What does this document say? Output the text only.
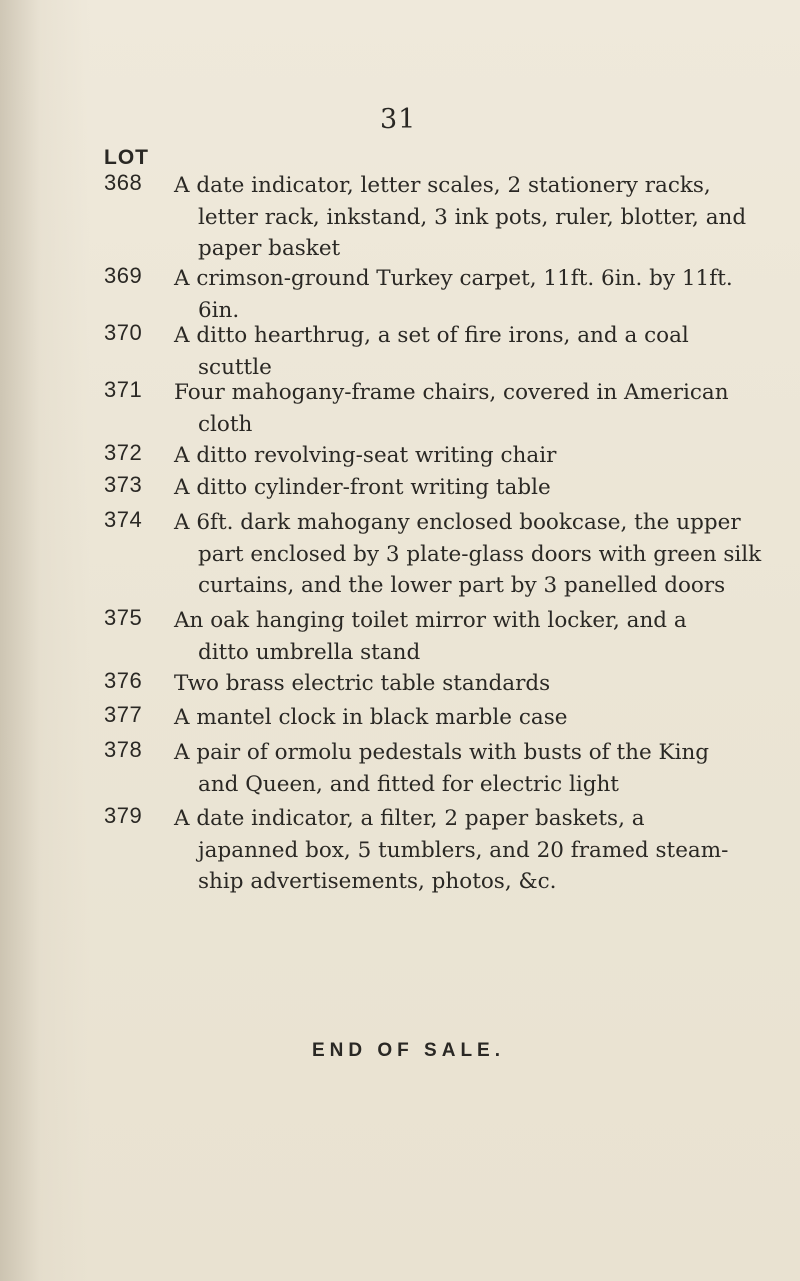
31
LOT
368 A date indicator, letter scales, 2 stationery racks,
letter rack, inkstand, 3 ink pots, ruler, blotter, and
paper basket
369 A crimson-ground Turkey carpet, 11ft. 6in. by 11ft.
6in.
370 A ditto hearthrug, a set of fire irons, and a coal
scuttle
371 Four mahogany-frame chairs, covered in American
cloth
372 A ditto revolving-seat writing chair
373 A ditto cylinder-front writing table
374 A 6ft. dark mahogany enclosed bookcase, the upper
part enclosed by 3 plate-glass doors with green silk
curtains, and the lower part by 3 panelled doors
375 An oak hanging toilet mirror with locker, and a
ditto umbrella stand
376 Two brass electric table standards
377 A mantel clock in black marble case
378 A pair of ormolu pedestals with busts of the King
and Queen, and fitted for electric light
379 A date indicator, a filter, 2 paper baskets, a
japanned box, 5 tumblers, and 20 framed steam-
ship advertisements, photos, &c.
END OF SALE.
